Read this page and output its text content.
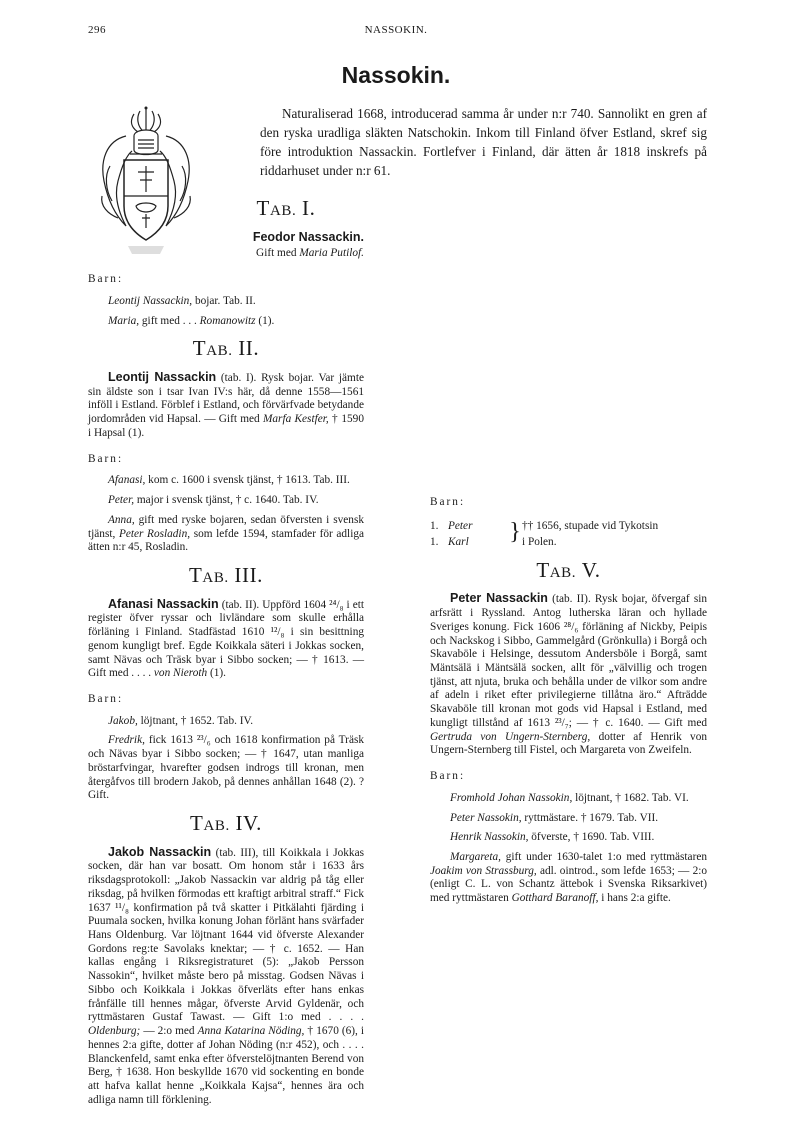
296	NASSOKIN.
Nassokin.

Naturaliserad 1668, introducerad samma år under n:r 740. Sannolikt en gren af den ryska uradliga släkten Natschokin. Inkom till Finland öfver Estland, skref sig före introduktion Nassackin. Fortlefver i Finland, där ätten år 1818 inskrefs på riddarhuset under n:r 61.

TAB. I.
Feodor Nassackin.
Gift med Maria Putilof.

Barn:

Leontij Nassackin, bojar. Tab. II.

Maria, gift med . . . Romanowitz (1).

TAB. II.

Leontij Nassackin (tab. I). Rysk bojar. Var jämte sin äldste son i tsar Ivan IV:s här, då denne 1558—1561 inföll i Estland. Förblef i Estland, och förvärfvade betydande jordområden vid Hapsal. — Gift med Marfa Kestfer, † 1590 i Hapsal (1).

Barn:

Afanasi, kom c. 1600 i svensk tjänst, † 1613. Tab. III.

Peter, major i svensk tjänst, † c. 1640. Tab. IV.

Anna, gift med ryske bojaren, sedan öfversten i svensk tjänst, Peter Rosladin, som lefde 1594, stamfader för adliga ätten n:r 45, Rosladin.

TAB. III.

Afanasi Nassackin (tab. II). Uppförd 1604 ²⁴/₈ i ett register öfver ryssar och livländare som skulle erhålla förläning i Finland. Stadfästad 1610 ¹²/₈ i sin besittning genom kungligt bref. Egde Koikkala säteri i Jokkas socken, samt Nävas och Träsk byar i Sibbo socken; — † 1613. — Gift med . . . . von Nieroth (1).

Barn:

Jakob, löjtnant, † 1652. Tab. IV.

Fredrik, fick 1613 ²³/₆ och 1618 konfirmation på Träsk och Nävas byar i Sibbo socken; — † 1647, utan manliga bröstarfvingar, hvarefter godsen indrogs till kronan, men återgåfvos till brodern Jakob, på dennes anhållan 1648 (2). ? Gift.

TAB. IV.

Jakob Nassackin (tab. III), till Koikkala i Jokkas socken, där han var bosatt. Om honom står i 1633 års riksdagsprotokoll: „Jakob Nassackin var aldrig på tåg eller riksdag, på hvilken förmodas ett kraftigt arbitral straff.“ Fick 1637 ¹¹/₈ konfirmation på två skatter i Pitkälahti fjärding i Puumala socken, hvilka konung Johan förlänt hans svärfader Hans Oldenburg. Var löjtnant 1644 vid öfverste Alexander Gordons reg:te Savolaks knektar; — † c. 1652. — Han kallas engång i Riksregistraturet (5): „Jakob Persson Nassokin“, hvilket måste bero på misstag. Godsen Nävas i Sibbo och Koikkala i Jokkas öfverläts efter hans enkas frånfälle till hennes mågar, öfverste Arvid Gyldenär, och ryttmästaren Gustaf Tawast. — Gift 1:o med . . . . Oldenburg; — 2:o med Anna Katarina Nöding, † 1670 (6), i hennes 2:a gifte, dotter af Johan Nöding (n:r 452), och . . . . Blanckenfeld, samt enka efter öfverstelöjtnanten Berend von Berg, † 1638. Hon beskyllde 1670 vid sockenting en bonde att hafva kallat henne „Koikkala Kajsa“, hennes ära och adliga namn till förklening.

Barn:

1. Peter	} †† 1656, stupade vid Tykotsin
1. Karl	i Polen.
TAB. V.

Peter Nassackin (tab. II). Rysk bojar, öfvergaf sin arfsrätt i Ryssland. Antog lutherska läran och hyllade Sveriges konung. Fick 1606 ²⁸/₆ förläning af Nickby, Peipis och Nackskog i Sibbo, Gammelgård (Grönkulla) i Borgå och Skavaböle i Helsinge, dessutom Andersböle i Borgå, samt Mäntsälä i Mäntsälä socken, allt för „välvillig och trogen tjänst, att njuta, bruka och behålla under de vilkor som andre af adeln i riket efter privilegierne tillåtna äro.“ Afträdde Skavaböle till kronan mot gods vid Hapsal i Estland, med kungligt tillstånd af 1613 ²³/₇; — † c. 1640. — Gift med Gertruda von Ungern-Sternberg, dotter af Henrik von Ungern-Sternberg till Fistel, och Margareta von Zweifeln.

Barn:

Fromhold Johan Nassokin, löjtnant, † 1682. Tab. VI.

Peter Nassokin, ryttmästare. † 1679. Tab. VII.

Henrik Nassokin, öfverste, † 1690. Tab. VIII.

Margareta, gift under 1630-talet 1:o med ryttmästaren Joakim von Strassburg, adl. ointrod., som lefde 1653; — 2:o (enligt C. L. von Schantz ättebok i Svenska Riksarkivet) med ryttmästaren Gotthard Baranoff, i hans 2:a gifte.
